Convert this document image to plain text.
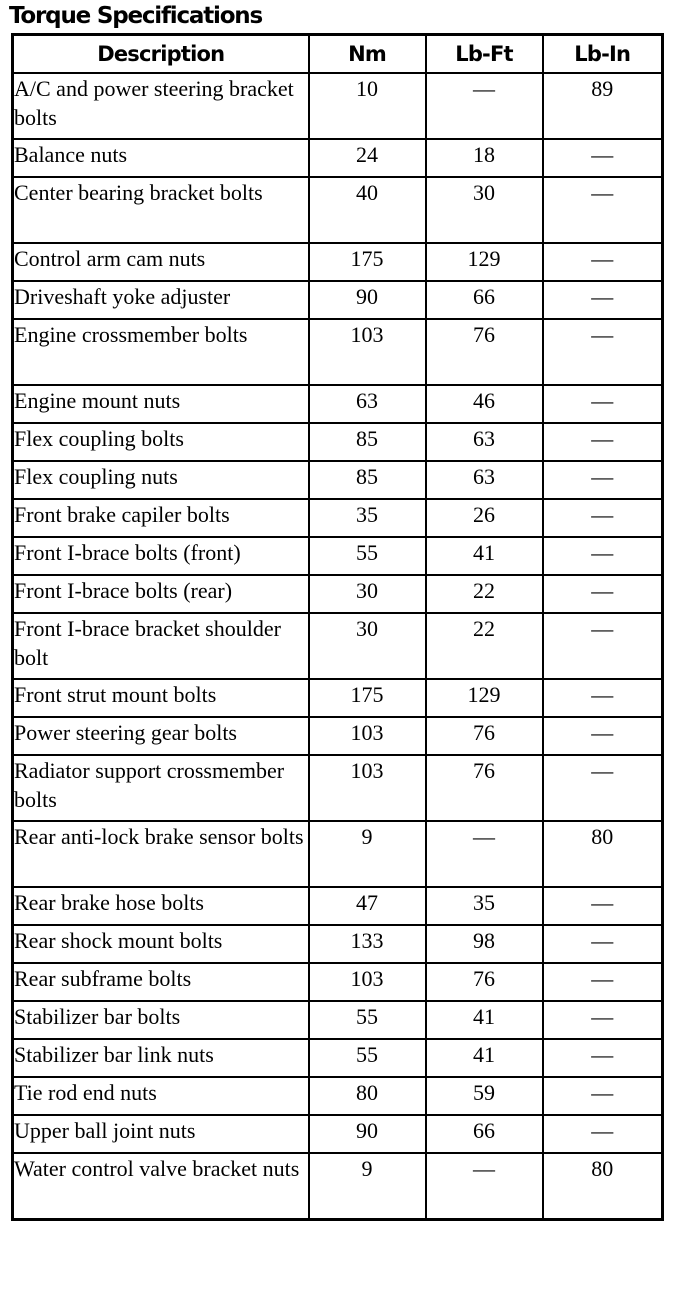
Torque Specifications
Description	Nm	Lb-Ft	Lb-In
A/C and power steering bracket bolts	10	—	89
Balance nuts	24	18	—
Center bearing bracket bolts	40	30	—
Control arm cam nuts	175	129	—
Driveshaft yoke adjuster	90	66	—
Engine crossmember bolts	103	76	—
Engine mount nuts	63	46	—
Flex coupling bolts	85	63	—
Flex coupling nuts	85	63	—
Front brake capiler bolts	35	26	—
Front I-brace bolts (front)	55	41	—
Front I-brace bolts (rear)	30	22	—
Front I-brace bracket shoulder bolt	30	22	—
Front strut mount bolts	175	129	—
Power steering gear bolts	103	76	—
Radiator support crossmember bolts	103	76	—
Rear anti-lock brake sensor bolts	9	—	80
Rear brake hose bolts	47	35	—
Rear shock mount bolts	133	98	—
Rear subframe bolts	103	76	—
Stabilizer bar bolts	55	41	—
Stabilizer bar link nuts	55	41	—
Tie rod end nuts	80	59	—
Upper ball joint nuts	90	66	—
Water control valve bracket nuts	9	—	80
